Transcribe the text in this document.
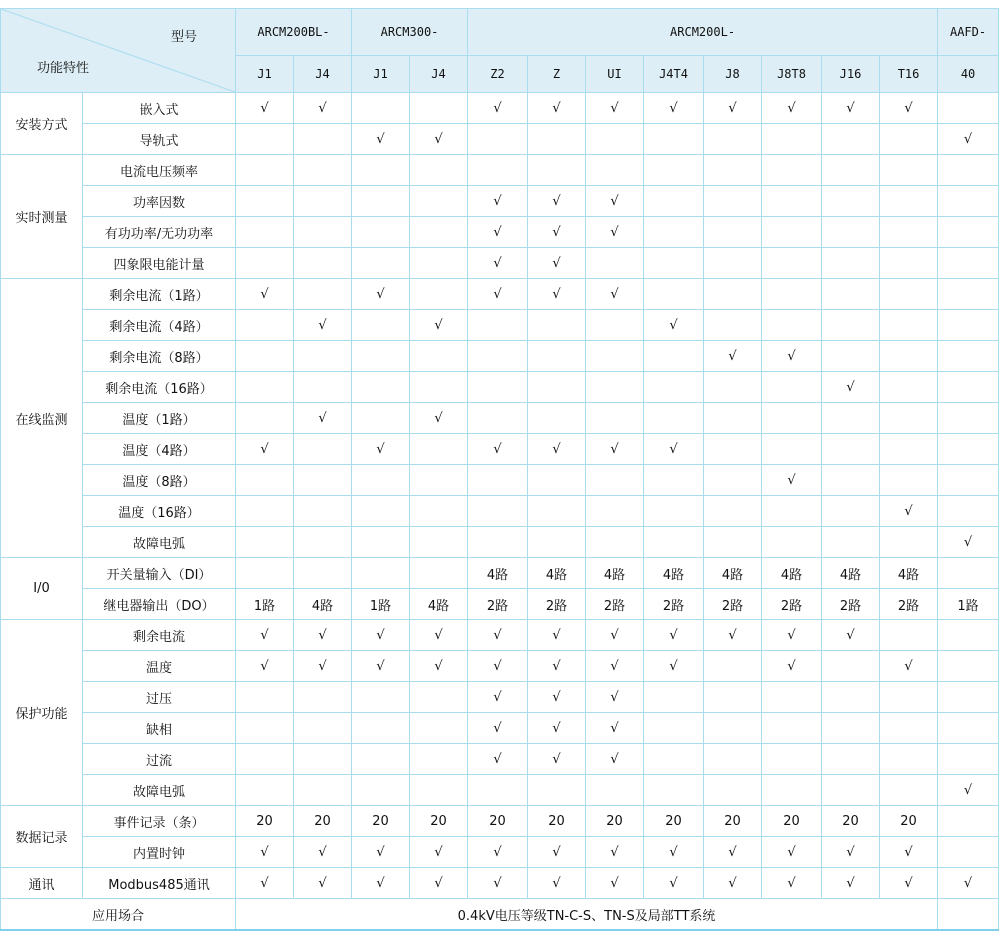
型号
功能特性		ARCM200BL-		ARCM300-		ARCM200L-								AAFD-
		J1	J4	J1	J4	Z2	Z	UI	J4T4	J8	J8T8	J16	T16	40
安装方式	嵌入式	√	√			√	√	√	√	√	√	√	√	
	导轨式			√	√									√
实时测量	电流电压频率													
	功率因数					√	√	√						
	有功功率/无功功率					√	√	√						
	四象限电能计量					√	√							
在线监测	剩余电流（1路）	√		√		√	√	√						
	剩余电流（4路）		√		√				√					
	剩余电流（8路）									√	√			
	剩余电流（16路）											√		
	温度（1路）		√		√									
	温度（4路）	√		√		√	√	√	√					
	温度（8路）										√			
	温度（16路）												√	
	故障电弧													√
I/0	开关量输入（DI）					4路	4路	4路	4路	4路	4路	4路	4路	
	继电器输出（DO）	1路	4路	1路	4路	2路	2路	2路	2路	2路	2路	2路	2路	1路
保护功能	剩余电流	√	√	√	√	√	√	√	√	√	√	√		
	温度	√	√	√	√	√	√	√	√		√		√	
	过压					√	√	√						
	缺相					√	√	√						
	过流					√	√	√						
	故障电弧													√
数据记录	事件记录（条）	20	20	20	20	20	20	20	20	20	20	20	20	
	内置时钟	√	√	√	√	√	√	√	√	√	√	√	√	
通讯	Modbus485通讯	√	√	√	√	√	√	√	√	√	√	√	√	√
应用场合		0.4kV电压等级TN-C-S、TN-S及局部TT系统												
